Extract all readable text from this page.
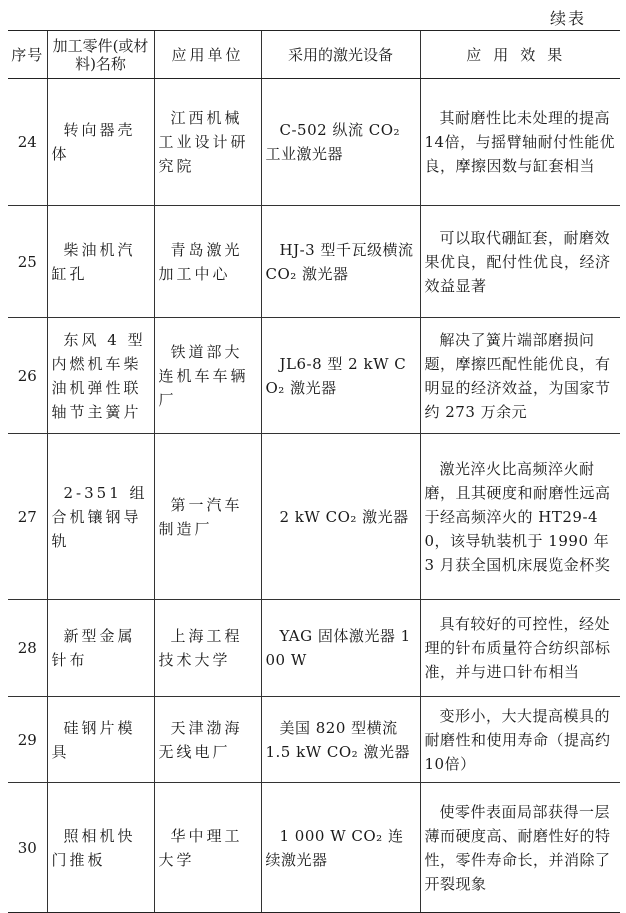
续表
序号	加工零件(或材料)名称	应用单位	采用的激光设备	应用效果
24	转向器壳体	江西机械工业设计研究院	C-502 纵流 CO₂ 工业激光器	其耐磨性比未处理的提高14倍，与摇臂轴耐付性能优良，摩擦因数与缸套相当
25	柴油机汽缸孔	青岛激光加工中心	HJ-3 型千瓦级横流 CO₂ 激光器	可以取代硼缸套，耐磨效果优良，配付性优良，经济效益显著
26	东风 4 型内燃机车柴油机弹性联轴节主簧片	铁道部大连机车车辆厂	JL6-8 型 2 kW CO₂ 激光器	解决了簧片端部磨损问题，摩擦匹配性能优良，有明显的经济效益，为国家节约 273 万余元
27	2-351 组合机镶钢导轨	第一汽车制造厂	2 kW CO₂ 激光器	激光淬火比高频淬火耐磨，且其硬度和耐磨性远高于经高频淬火的 HT29-40，该导轨装机于 1990 年 3 月获全国机床展览金杯奖
28	新型金属针布	上海工程技术大学	YAG 固体激光器 100 W	具有较好的可控性，经处理的针布质量符合纺织部标准，并与进口针布相当
29	硅钢片模具	天津渤海无线电厂	美国 820 型横流 1.5 kW CO₂ 激光器	变形小，大大提高模具的耐磨性和使用寿命（提高约10倍）
30	照相机快门推板	华中理工大学	1 000 W CO₂ 连续激光器	使零件表面局部获得一层薄而硬度高、耐磨性好的特性，零件寿命长，并消除了开裂现象
